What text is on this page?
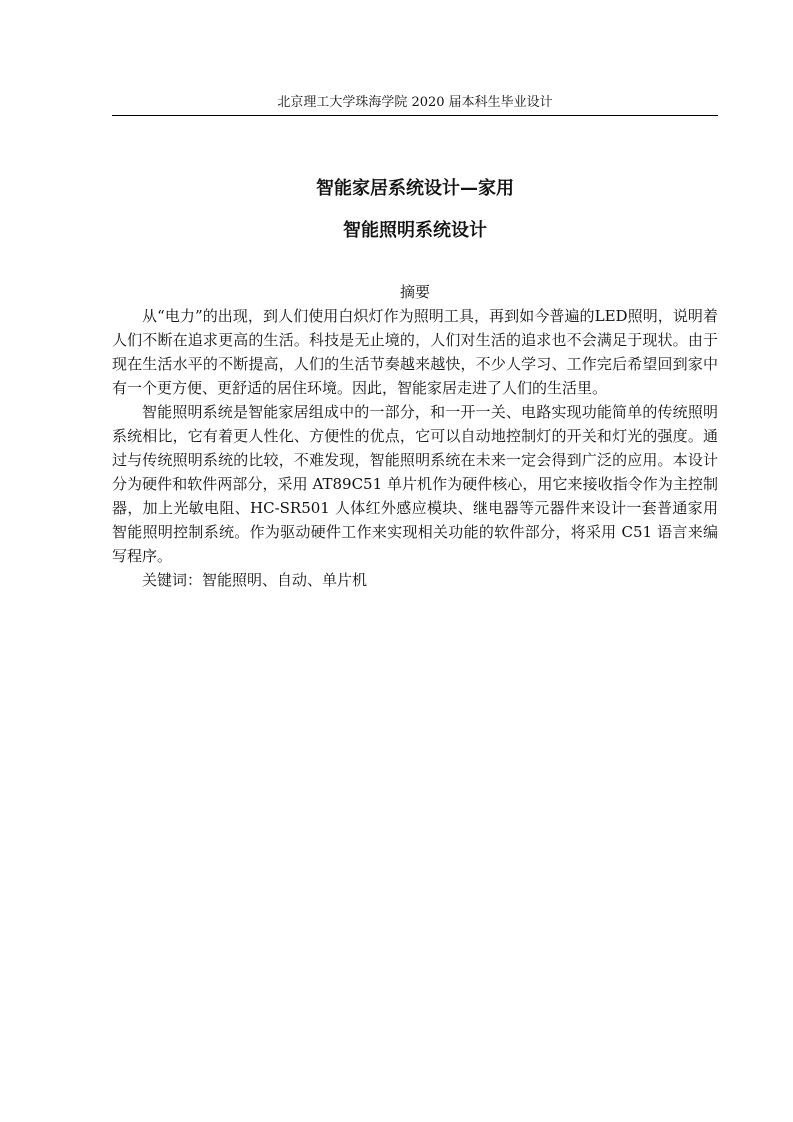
北京理工大学珠海学院 2020 届本科生毕业设计
智能家居系统设计—家用
智能照明系统设计
摘要

从“电力”的出现，到人们使用白炽灯作为照明工具，再到如今普遍的LED照明，说明着人们不断在追求更高的生活。科技是无止境的，人们对生活的追求也不会满足于现状。由于现在生活水平的不断提高，人们的生活节奏越来越快，不少人学习、工作完后希望回到家中有一个更方便、更舒适的居住环境。因此，智能家居走进了人们的生活里。

智能照明系统是智能家居组成中的一部分，和一开一关、电路实现功能简单的传统照明系统相比，它有着更人性化、方便性的优点，它可以自动地控制灯的开关和灯光的强度。通过与传统照明系统的比较，不难发现，智能照明系统在未来一定会得到广泛的应用。本设计分为硬件和软件两部分，采用 AT89C51 单片机作为硬件核心，用它来接收指令作为主控制器，加上光敏电阻、HC-SR501 人体红外感应模块、继电器等元器件来设计一套普通家用智能照明控制系统。作为驱动硬件工作来实现相关功能的软件部分，将采用 C51 语言来编写程序。

关键词：智能照明、自动、单片机
